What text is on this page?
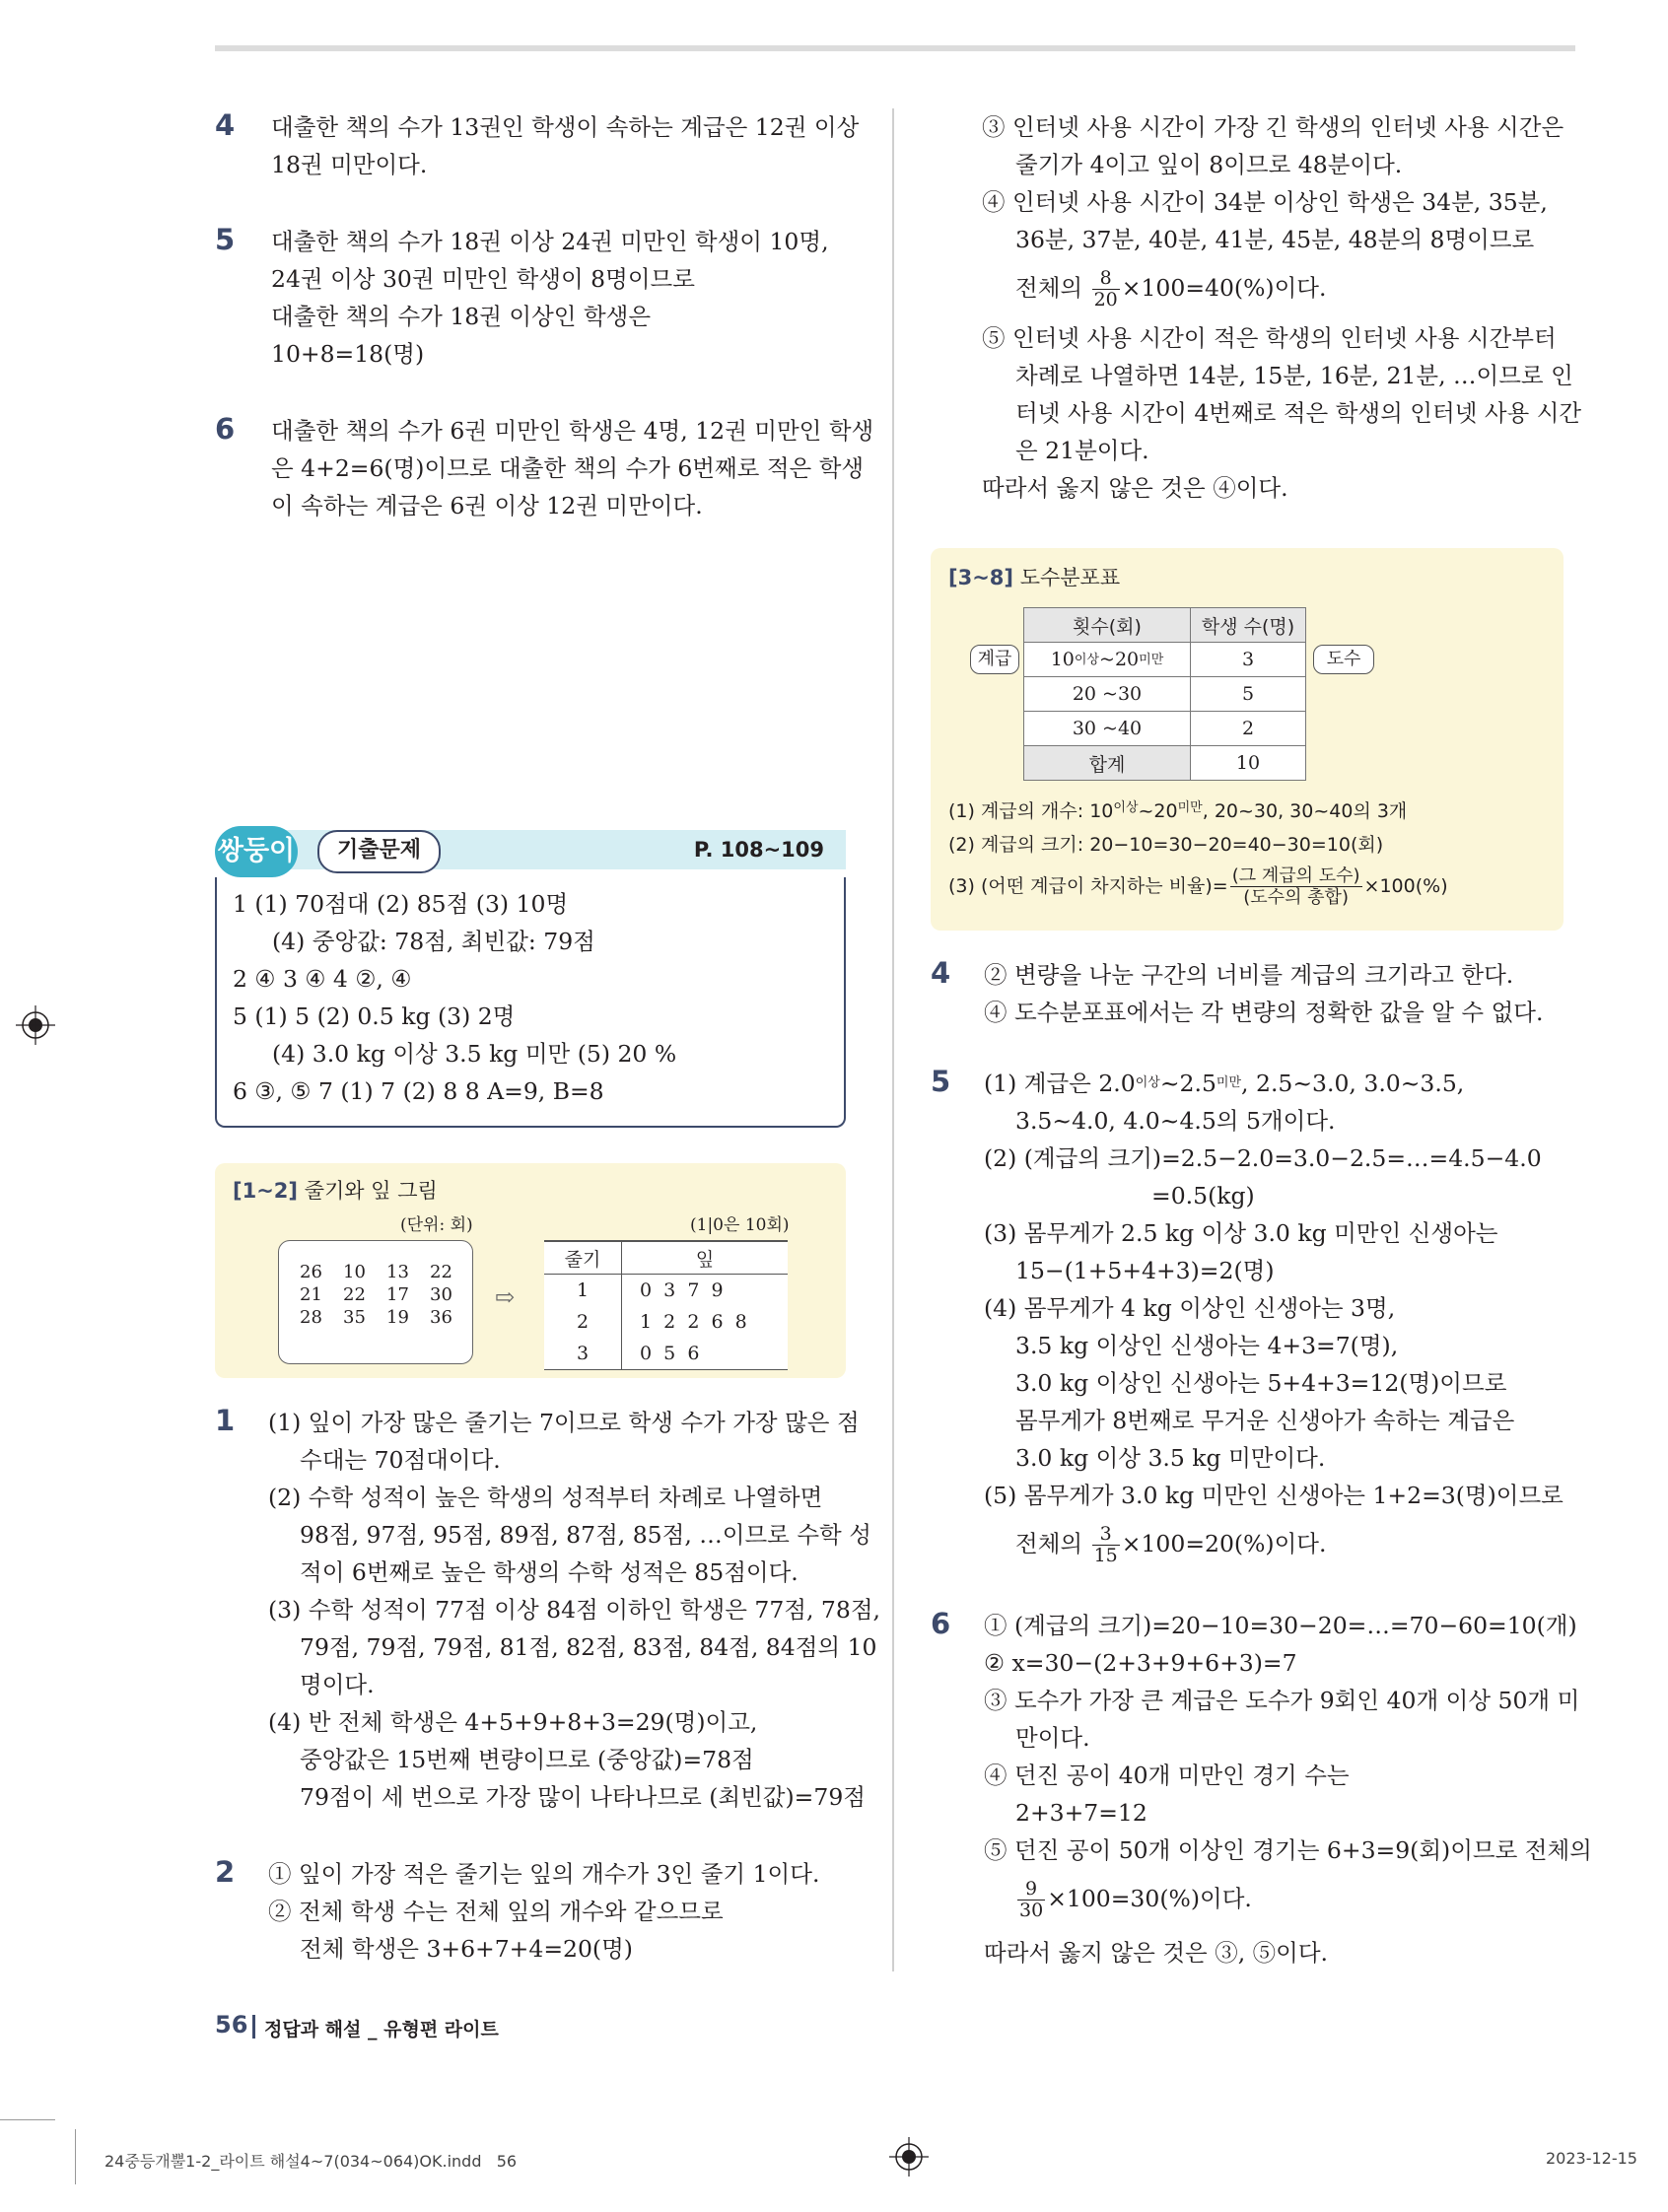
4 대출한 책의 수가 13권인 학생이 속하는 계급은 12권 이상
18권 미만이다.
5 대출한 책의 수가 18권 이상 24권 미만인 학생이 10명,
24권 이상 30권 미만인 학생이 8명이므로
대출한 책의 수가 18권 이상인 학생은
10+8=18(명)
6 대출한 책의 수가 6권 미만인 학생은 4명, 12권 미만인 학생
은 4+2=6(명)이므로 대출한 책의 수가 6번째로 적은 학생
이 속하는 계급은 6권 이상 12권 미만이다.
쌍둥이	기출문제	P. 108~109
1 (1) 70점대 (2) 85점 (3) 10명
(4) 중앙값: 78점, 최빈값: 79점
2 ④ 3 ④ 4 ②, ④
5 (1) 5 (2) 0.5 kg (3) 2명
(4) 3.0 kg 이상 3.5 kg 미만 (5) 20 %
6 ③, ⑤ 7 (1) 7 (2) 8 8 A=9, B=8
[1~2] 줄기와 잎 그림
(단위: 회)	(1|0은 10회)
26	10	13	22
21	22	17	30
28	35	19	36
⇨
줄기	잎
1	0  3  7  9
2	1  2  2  6  8
3	0  5  6
1 (1) 잎이 가장 많은 줄기는 7이므로 학생 수가 가장 많은 점
수대는 70점대이다.
(2) 수학 성적이 높은 학생의 성적부터 차례로 나열하면
98점, 97점, 95점, 89점, 87점, 85점, …이므로 수학 성
적이 6번째로 높은 학생의 수학 성적은 85점이다.
(3) 수학 성적이 77점 이상 84점 이하인 학생은 77점, 78점,
79점, 79점, 79점, 81점, 82점, 83점, 84점, 84점의 10
명이다.
(4) 반 전체 학생은 4+5+9+8+3=29(명)이고,
중앙값은 15번째 변량이므로 (중앙값)=78점
79점이 세 번으로 가장 많이 나타나므로 (최빈값)=79점
2 ① 잎이 가장 적은 줄기는 잎의 개수가 3인 줄기 1이다.
② 전체 학생 수는 전체 잎의 개수와 같으므로
전체 학생은 3+6+7+4=20(명)
③ 인터넷 사용 시간이 가장 긴 학생의 인터넷 사용 시간은
줄기가 4이고 잎이 8이므로 48분이다.
④ 인터넷 사용 시간이 34분 이상인 학생은 34분, 35분,
36분, 37분, 40분, 41분, 45분, 48분의 8명이므로
전체의 $\frac{8}{20} \times 100=40(\%)$이다.
⑤ 인터넷 사용 시간이 적은 학생의 인터넷 사용 시간부터
차례로 나열하면 14분, 15분, 16분, 21분, …이므로 인
터넷 사용 시간이 4번째로 적은 학생의 인터넷 사용 시간
은 21분이다.
따라서 옳지 않은 것은 ④이다.
[3~8] 도수분포표
횟수(회)	학생 수(명)
$10^{이상}\sim 20^{미만}$	3
20 ~30	5
30 ~40	2
합계	10
계급	도수
(1) 계급의 개수: $10^{이상}\sim 20^{미만}$, 20~30, 30~40의 3개
(2) 계급의 크기: 20−10=30−20=40−30=10(회)
(3) (어떤 계급이 차지하는 비율)= $\frac{\text{(그 계급의 도수)}}{\text{(도수의 총합)}} \times 100(\%)$
4 ② 변량을 나눈 구간의 너비를 계급의 크기라고 한다.
④ 도수분포표에서는 각 변량의 정확한 값을 알 수 없다.
5 (1) 계급은 $2.0^{이상}\sim 2.5^{미만}$, 2.5~3.0, 3.0~3.5,
3.5~4.0, 4.0~4.5의 5개이다.
(2) (계급의 크기)=2.5−2.0=3.0−2.5=…=4.5−4.0
=0.5(kg)
(3) 몸무게가 2.5 kg 이상 3.0 kg 미만인 신생아는
15−(1+5+4+3)=2(명)
(4) 몸무게가 4 kg 이상인 신생아는 3명,
3.5 kg 이상인 신생아는 4+3=7(명),
3.0 kg 이상인 신생아는 5+4+3=12(명)이므로
몸무게가 8번째로 무거운 신생아가 속하는 계급은
3.0 kg 이상 3.5 kg 미만이다.
(5) 몸무게가 3.0 kg 미만인 신생아는 1+2=3(명)이므로
전체의 $\frac{3}{15} \times 100=20(\%)$이다.
6 ① (계급의 크기)=20−10=30−20=…=70−60=10(개)
② x=30−(2+3+9+6+3)=7
③ 도수가 가장 큰 계급은 도수가 9회인 40개 이상 50개 미
만이다.
④ 던진 공이 40개 미만인 경기 수는
2+3+7=12
⑤ 던진 공이 50개 이상인 경기는 6+3=9(회)이므로 전체의
$\frac{9}{30} \times 100=30(\%)$이다.
따라서 옳지 않은 것은 ③, ⑤이다.
56 정답과 해설 _ 유형편 라이트
24중등개뿔1-2_라이트 해설4~7(034~064)OK.indd   56	2023-12-15
